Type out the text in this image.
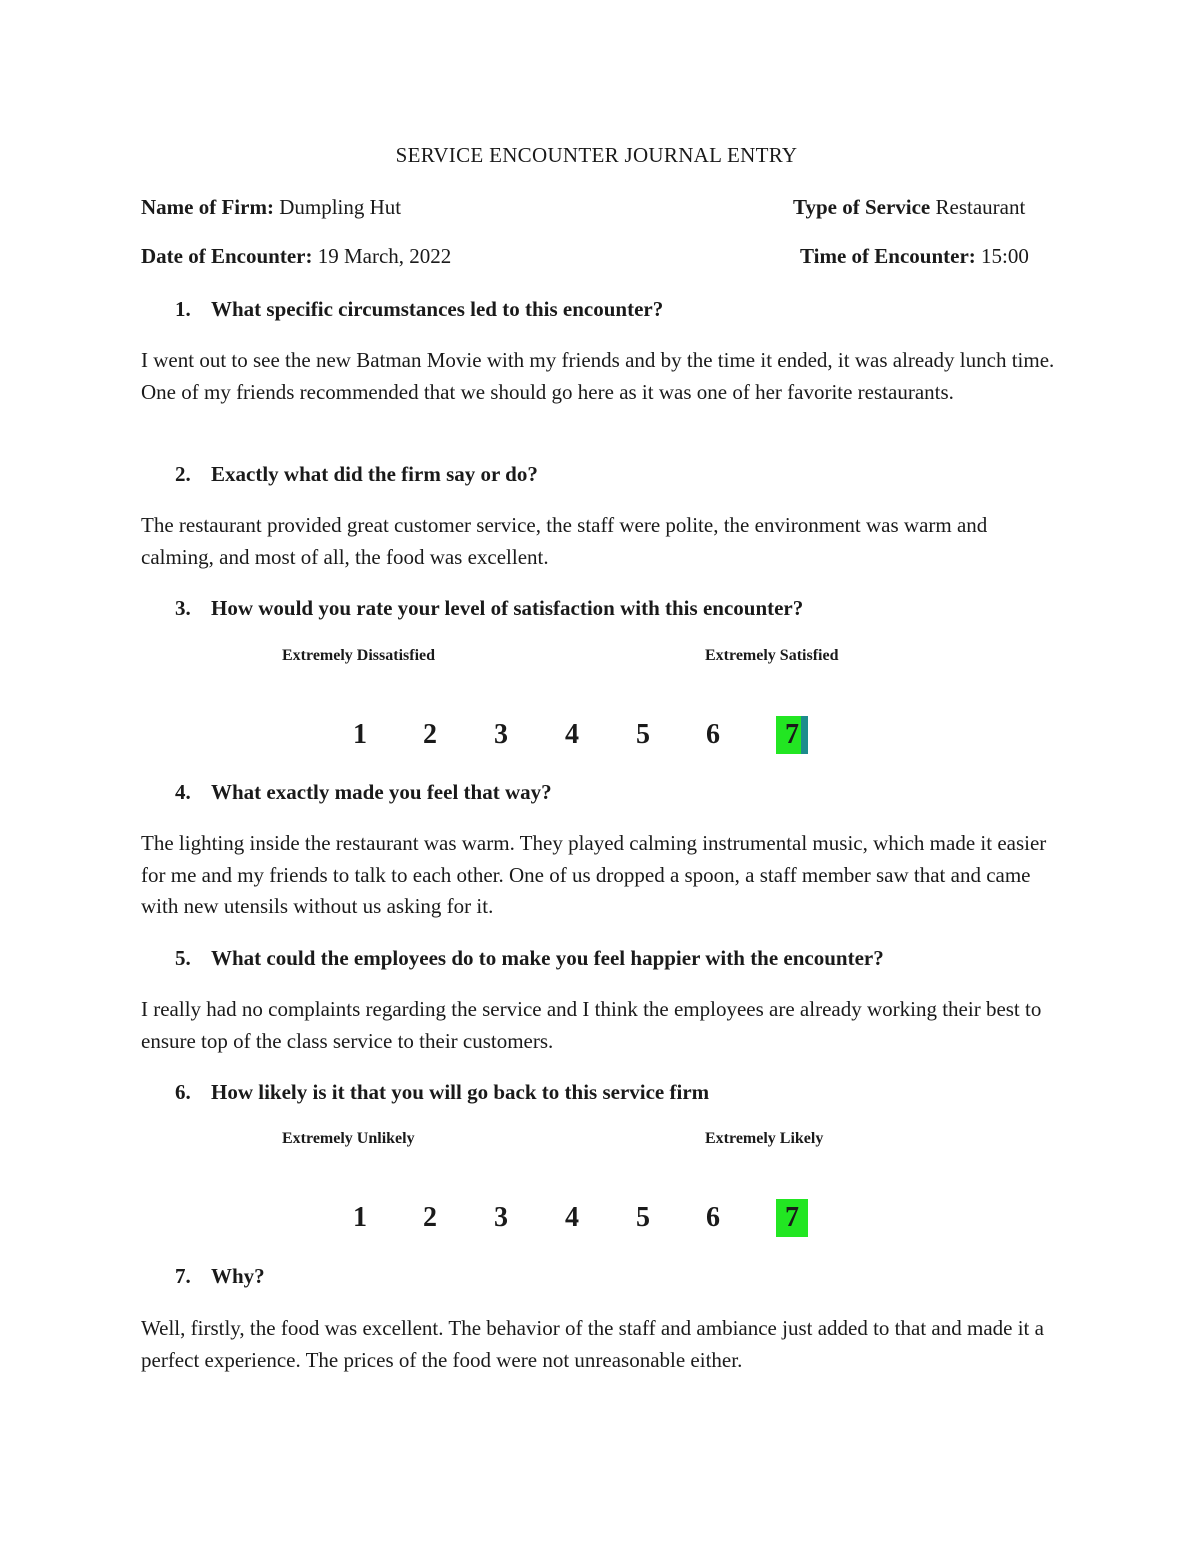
SERVICE ENCOUNTER JOURNAL ENTRY
Name of Firm: Dumpling Hut	Type of Service Restaurant
Date of Encounter: 19 March, 2022	Time of Encounter: 15:00
1. What specific circumstances led to this encounter?
I went out to see the new Batman Movie with my friends and by the time it ended, it was already lunch time. One of my friends recommended that we should go here as it was one of her favorite restaurants.
2. Exactly what did the firm say or do?
The restaurant provided great customer service, the staff were polite, the environment was warm and calming, and most of all, the food was excellent.
3. How would you rate your level of satisfaction with this encounter?
Extremely Dissatisfied	Extremely Satisfied
1	2	3	4	5	6	7
4. What exactly made you feel that way?
The lighting inside the restaurant was warm. They played calming instrumental music, which made it easier for me and my friends to talk to each other. One of us dropped a spoon, a staff member saw that and came with new utensils without us asking for it.
5. What could the employees do to make you feel happier with the encounter?
I really had no complaints regarding the service and I think the employees are already working their best to ensure top of the class service to their customers.
6. How likely is it that you will go back to this service firm
Extremely Unlikely	Extremely Likely
1	2	3	4	5	6	7
7. Why?
Well, firstly, the food was excellent. The behavior of the staff and ambiance just added to that and made it a perfect experience. The prices of the food were not unreasonable either.
